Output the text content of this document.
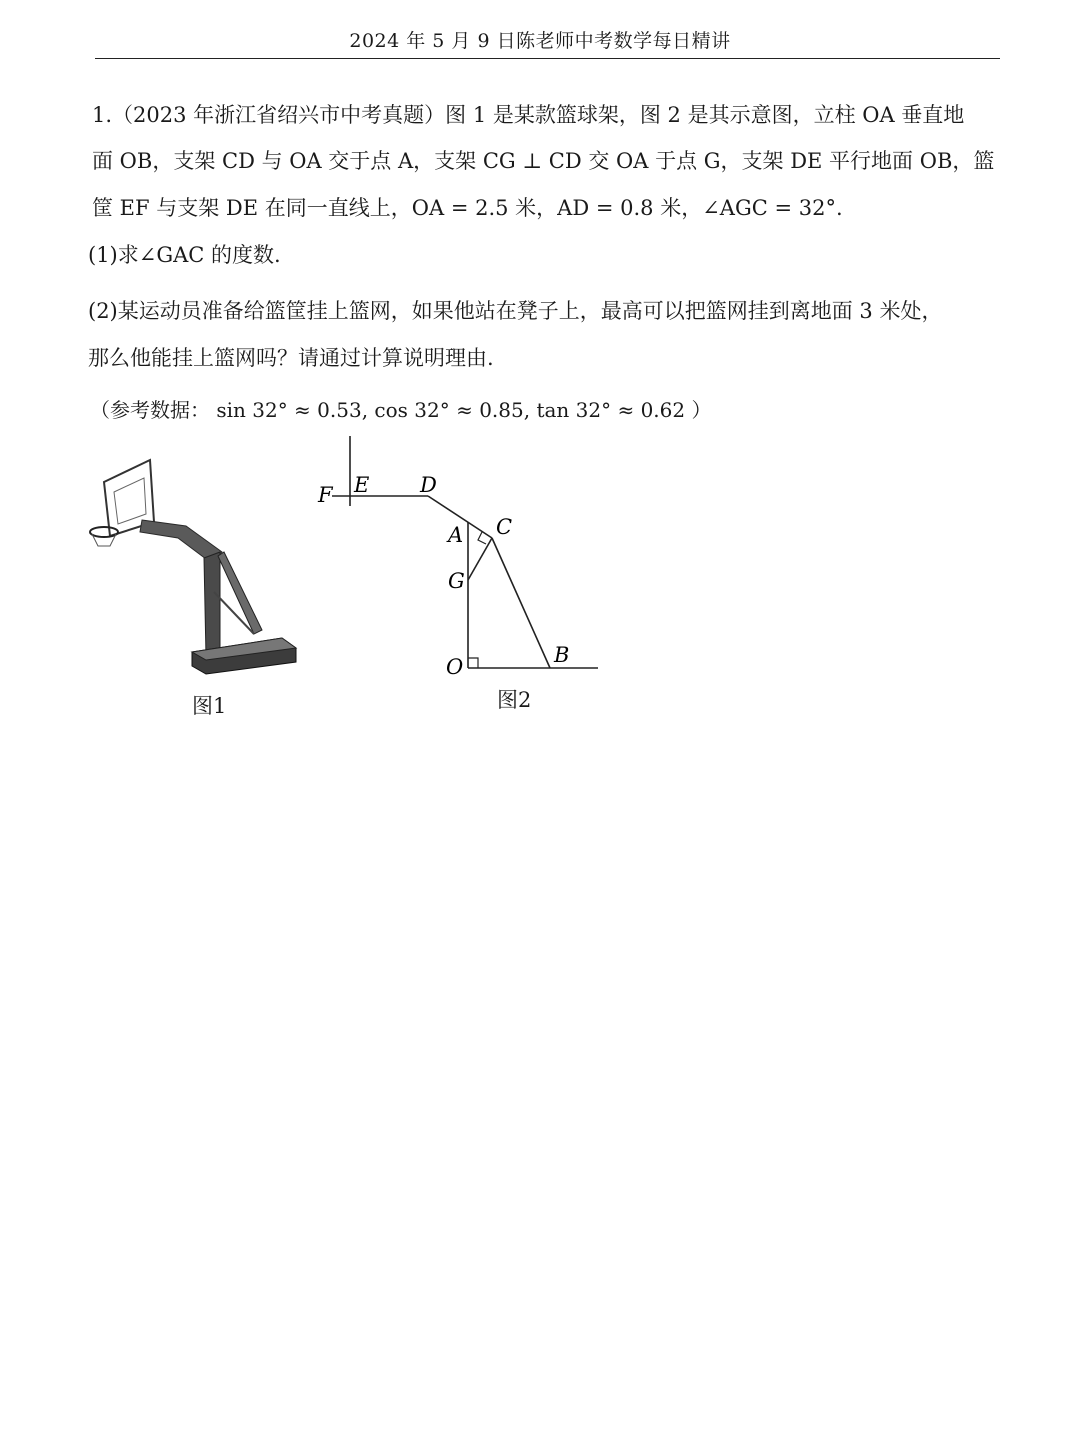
2024 年 5 月 9 日陈老师中考数学每日精讲
1.（2023 年浙江省绍兴市中考真题）图 1 是某款篮球架，图 2 是其示意图，立柱 OA 垂直地
面 OB，支架 CD 与 OA 交于点 A，支架 CG ⊥ CD 交 OA 于点 G，支架 DE 平行地面 OB，篮
筐 EF 与支架 DE 在同一直线上，OA = 2.5 米，AD = 0.8 米，∠AGC = 32°.
(1)求∠GAC 的度数.
(2)某运动员准备给篮筐挂上篮网，如果他站在凳子上，最高可以把篮网挂到离地面 3 米处，
那么他能挂上篮网吗？请通过计算说明理由.
（参考数据： sin 32° ≈ 0.53, cos 32° ≈ 0.85, tan 32° ≈ 0.62 ）
图1
F E D
A C
G
O	B
图2
